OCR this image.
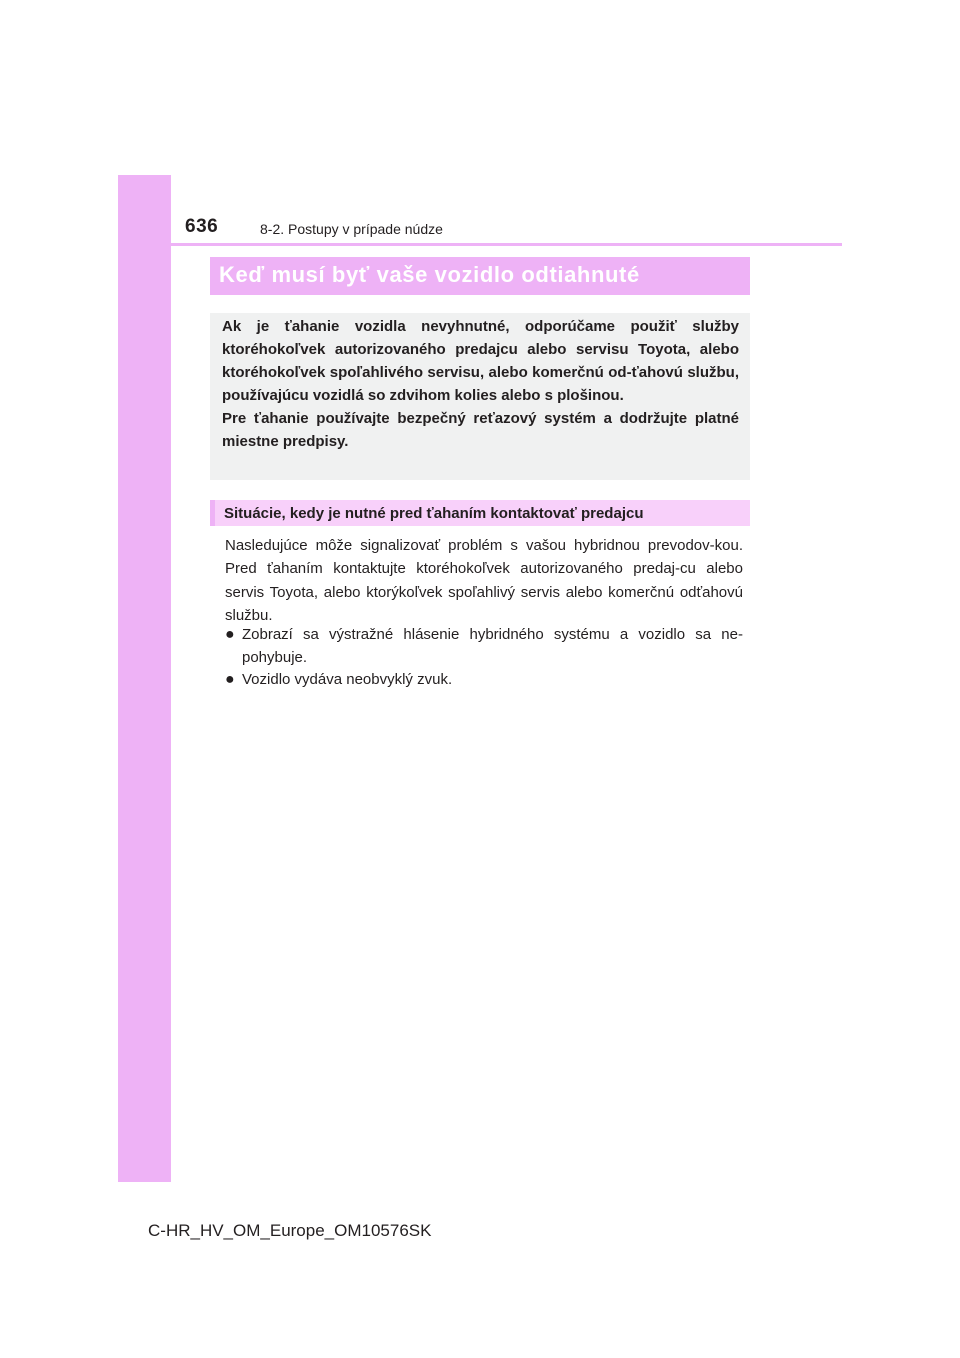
636	8-2. Postupy v prípade núdze
Keď musí byť vaše vozidlo odtiahnuté

Ak je ťahanie vozidla nevyhnutné, odporúčame použiť služby ktoréhokoľvek autorizovaného predajcu alebo servisu Toyota, alebo ktoréhokoľvek spoľahlivého servisu, alebo komerčnú od-ťahovú službu, používajúcu vozidlá so zdvihom kolies alebo s plošinou.

Pre ťahanie používajte bezpečný reťazový systém a dodržujte platné miestne predpisy.

Situácie, kedy je nutné pred ťahaním kontaktovať predajcu

Nasledujúce môže signalizovať problém s vašou hybridnou prevodov-kou. Pred ťahaním kontaktujte ktoréhokoľvek autorizovaného predaj-cu alebo servis Toyota, alebo ktorýkoľvek spoľahlivý servis alebo komerčnú odťahovú službu.

● Zobrazí sa výstražné hlásenie hybridného systému a vozidlo sa ne-pohybuje.
● Vozidlo vydáva neobvyklý zvuk.
C-HR_HV_OM_Europe_OM10576SK
